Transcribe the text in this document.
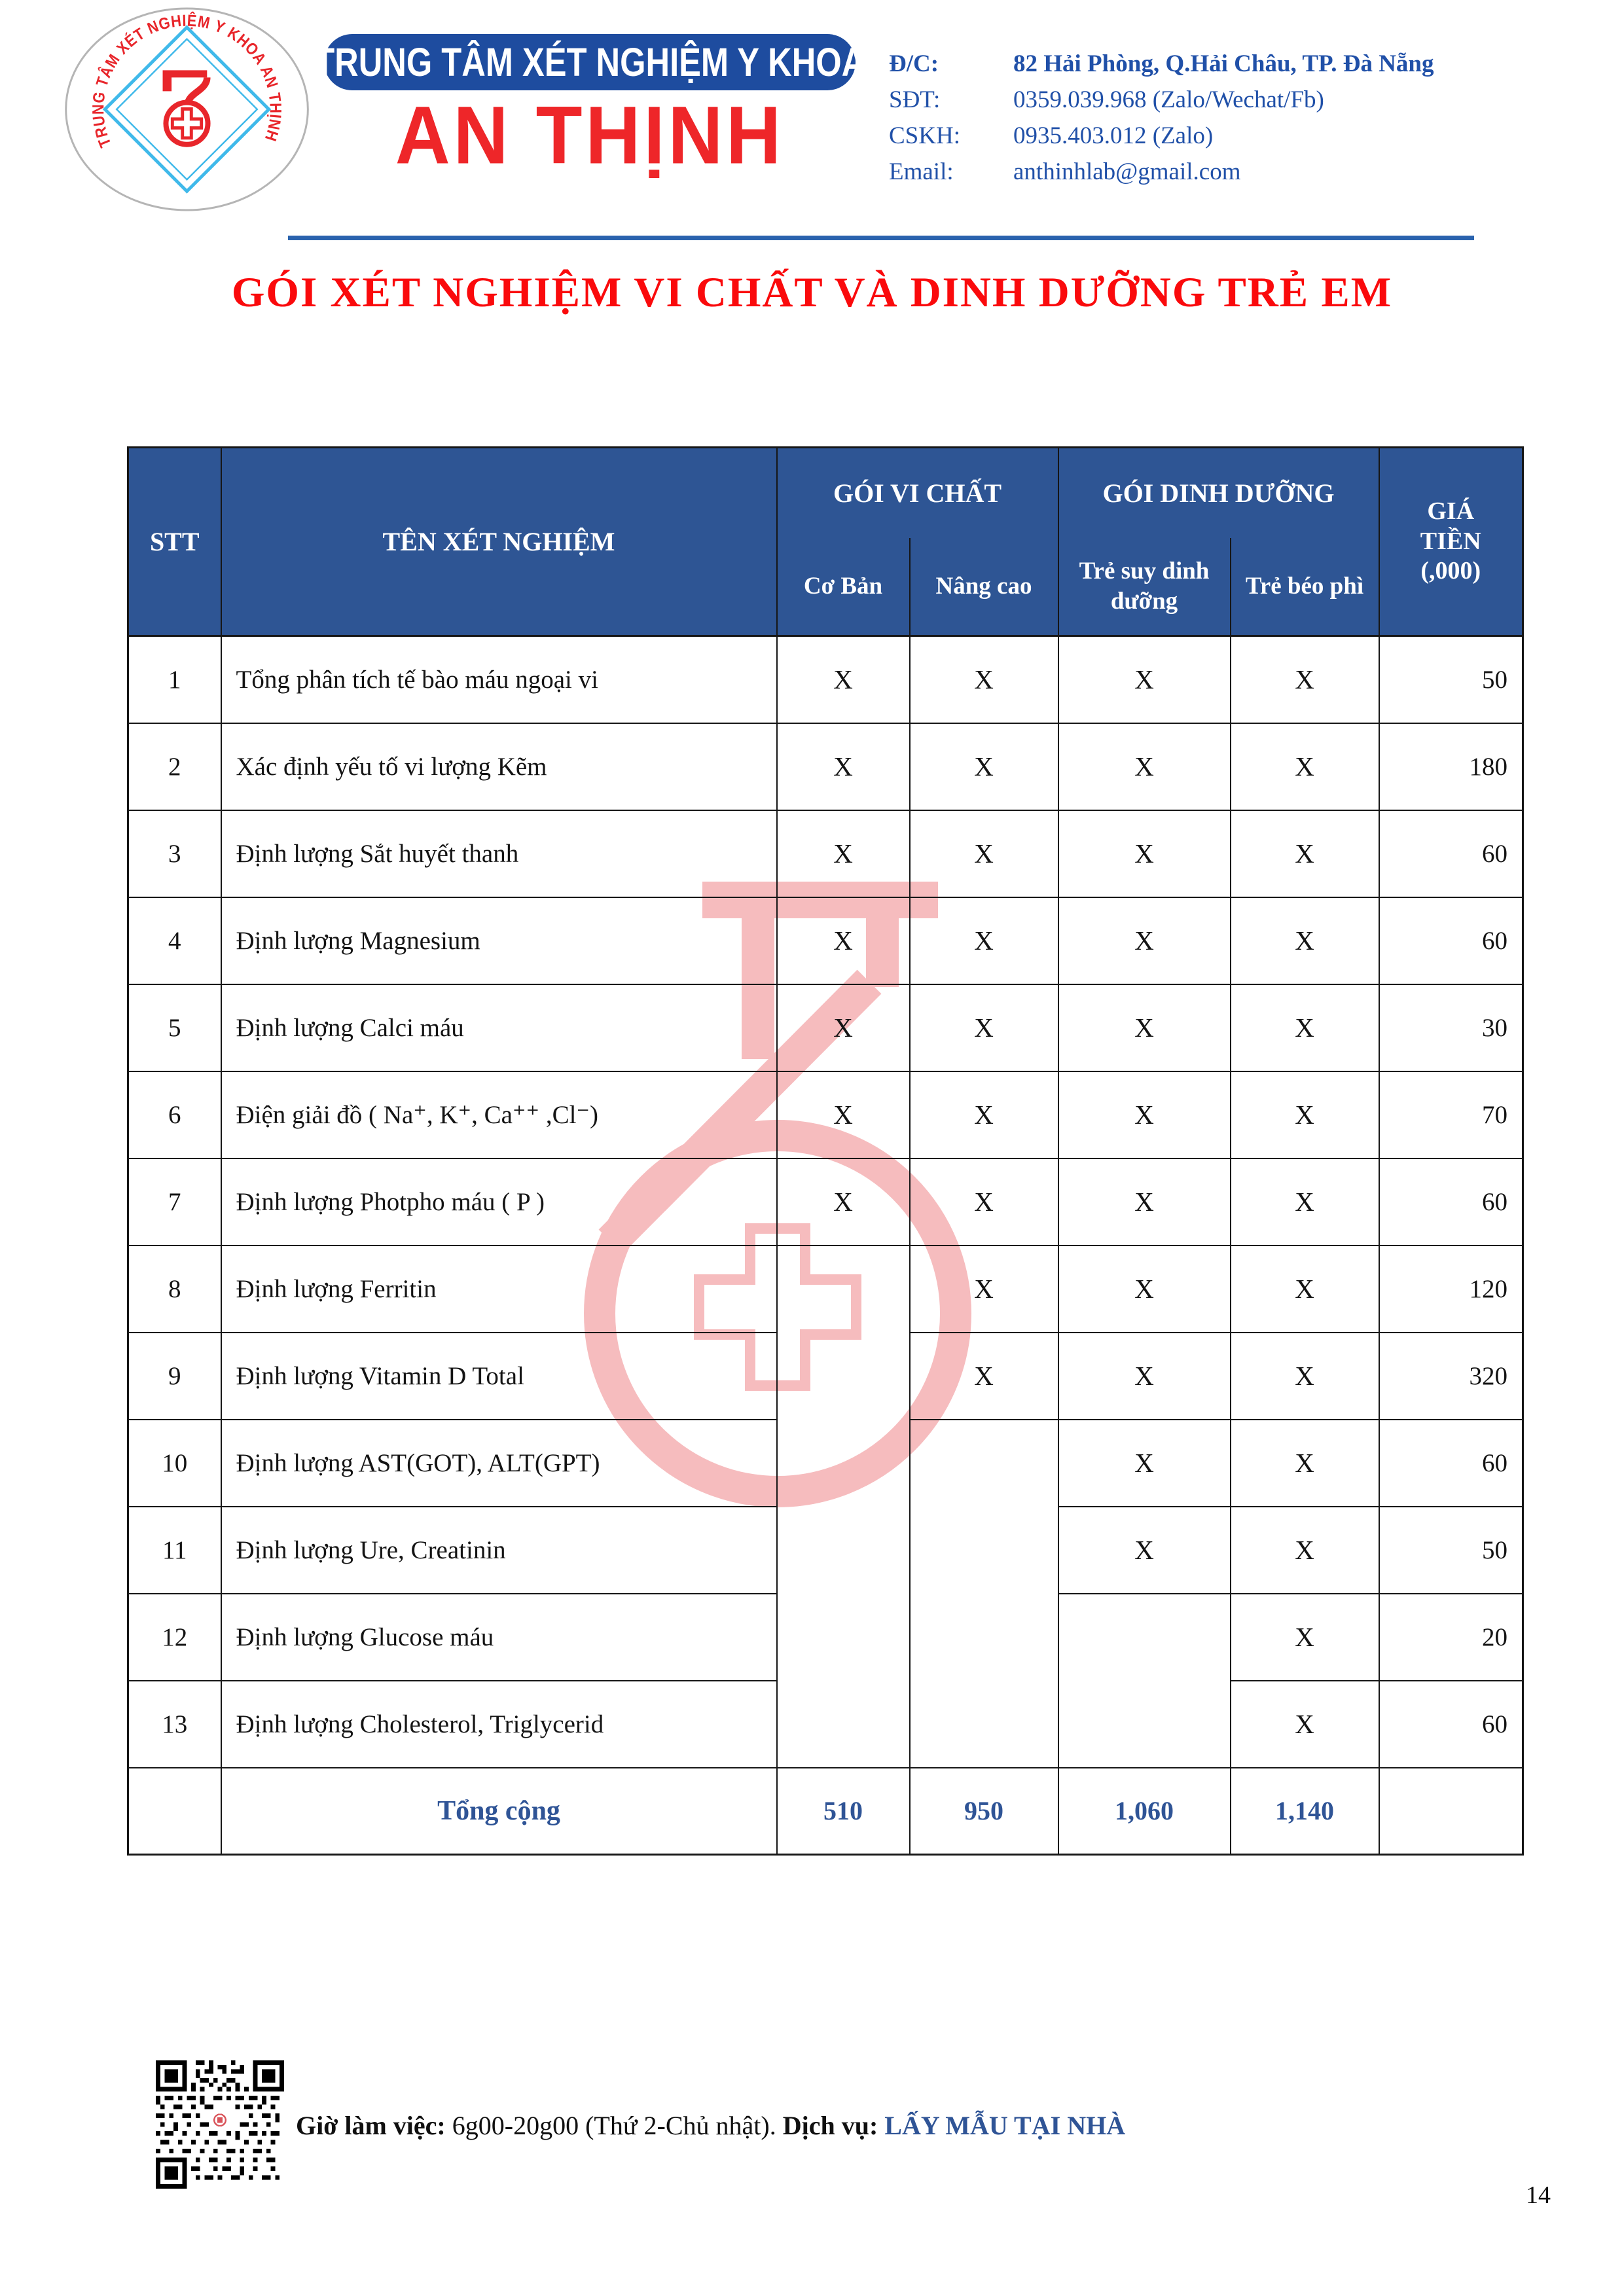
TRUNG TÂM XÉT NGHIỆM Y KHOA AN THỊNH
TRUNG TÂM XÉT NGHIỆM Y KHOA
AN THỊNH
Đ/C:	82 Hải Phòng, Q.Hải Châu, TP. Đà Nẵng
SĐT:	0359.039.968 (Zalo/Wechat/Fb)
CSKH:	0935.403.012 (Zalo)
Email:	anthinhlab@gmail.com
GÓI XÉT NGHIỆM VI CHẤT VÀ DINH DƯỠNG TRẺ EM
STT	TÊN XÉT NGHIỆM	GÓI VI CHẤT		GÓI DINH DƯỠNG		GIÁ
TIỀN
(,000)

		Cơ Bản	Nâng cao	Trẻ suy dinh dưỡng	Trẻ béo phì	
1	Tổng phân tích tế bào máu ngoại vi	X	X	X	X	50
2	Xác định yếu tố vi lượng Kẽm	X	X	X	X	180
3	Định lượng Sắt huyết thanh	X	X	X	X	60
4	Định lượng Magnesium	X	X	X	X	60
5	Định lượng Calci máu	X	X	X	X	30
6	Điện giải đồ ( Na⁺, K⁺, Ca⁺⁺ ,Cl⁻)	X	X	X	X	70
7	Định lượng Photpho máu ( P )	X	X	X	X	60
8	Định lượng Ferritin		X	X	X	120
9	Định lượng Vitamin D Total		X	X	X	320
10	Định lượng AST(GOT), ALT(GPT)			X	X	60
11	Định lượng Ure, Creatinin			X	X	50
12	Định lượng Glucose máu				X	20
13	Định lượng Cholesterol, Triglycerid				X	60
	Tổng cộng	510	950	1,060	1,140	
Giờ làm việc: 6g00-20g00 (Thứ 2-Chủ nhật). Dịch vụ: LẤY MẪU TẠI NHÀ
14
